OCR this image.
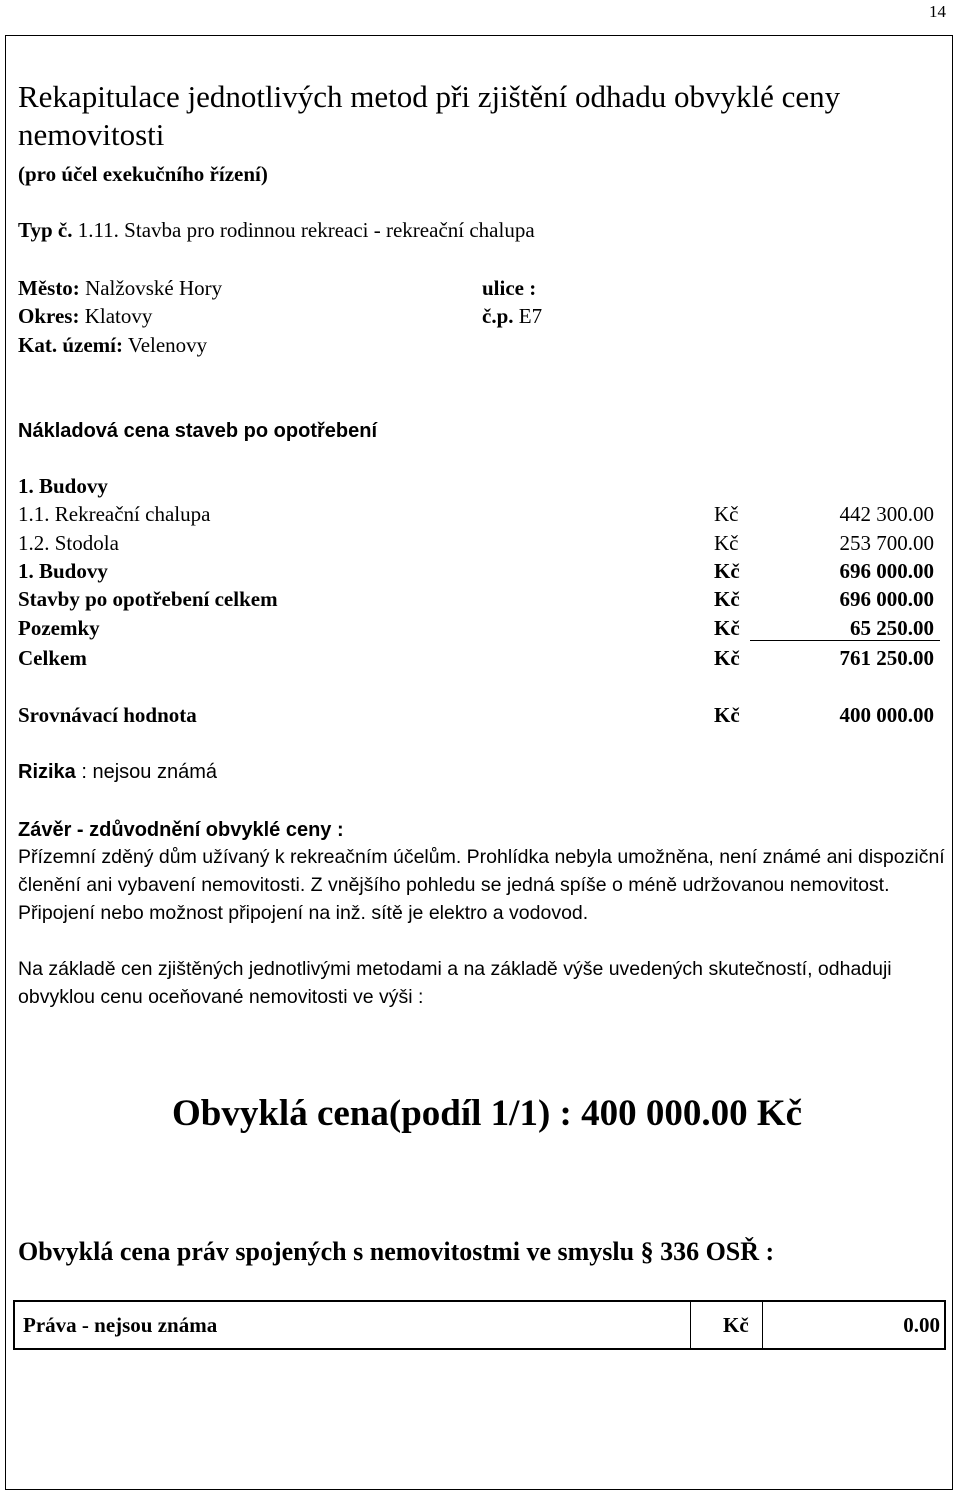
14
Rekapitulace jednotlivých metod při zjištění odhadu obvyklé ceny nemovitosti
(pro účel exekučního řízení)
Typ č. 1.11. Stavba pro rodinnou rekreaci - rekreační chalupa
Město: Nalžovské Hory
Okres: Klatovy
Kat. území: Velenovy
ulice :
č.p. E7
Nákladová cena staveb po opotřebení
1. Budovy
1.1. Rekreační chalupa	Kč	442 300.00
1.2. Stodola	Kč	253 700.00
1. Budovy	Kč	696 000.00
Stavby po opotřebení celkem	Kč	696 000.00
Pozemky	Kč	65 250.00
Celkem	Kč	761 250.00
Srovnávací hodnota	Kč	400 000.00
Rizika : nejsou známá
Závěr - zdůvodnění obvyklé ceny :
Přízemní zděný dům užívaný k rekreačním účelům. Prohlídka nebyla umožněna, není známé ani dispoziční členění ani vybavení nemovitosti. Z vnějšího pohledu se jedná spíše o méně udržovanou nemovitost. Připojení nebo možnost připojení na inž. sítě je elektro a vodovod.
Na základě cen zjištěných jednotlivými metodami a na základě výše uvedených skutečností, odhaduji obvyklou cenu oceňované nemovitosti ve výši :
Obvyklá cena(podíl 1/1) : 400 000.00 Kč
Obvyklá cena práv spojených s nemovitostmi ve smyslu § 336 OSŘ :
Práva - nejsou známa	Kč	0.00
